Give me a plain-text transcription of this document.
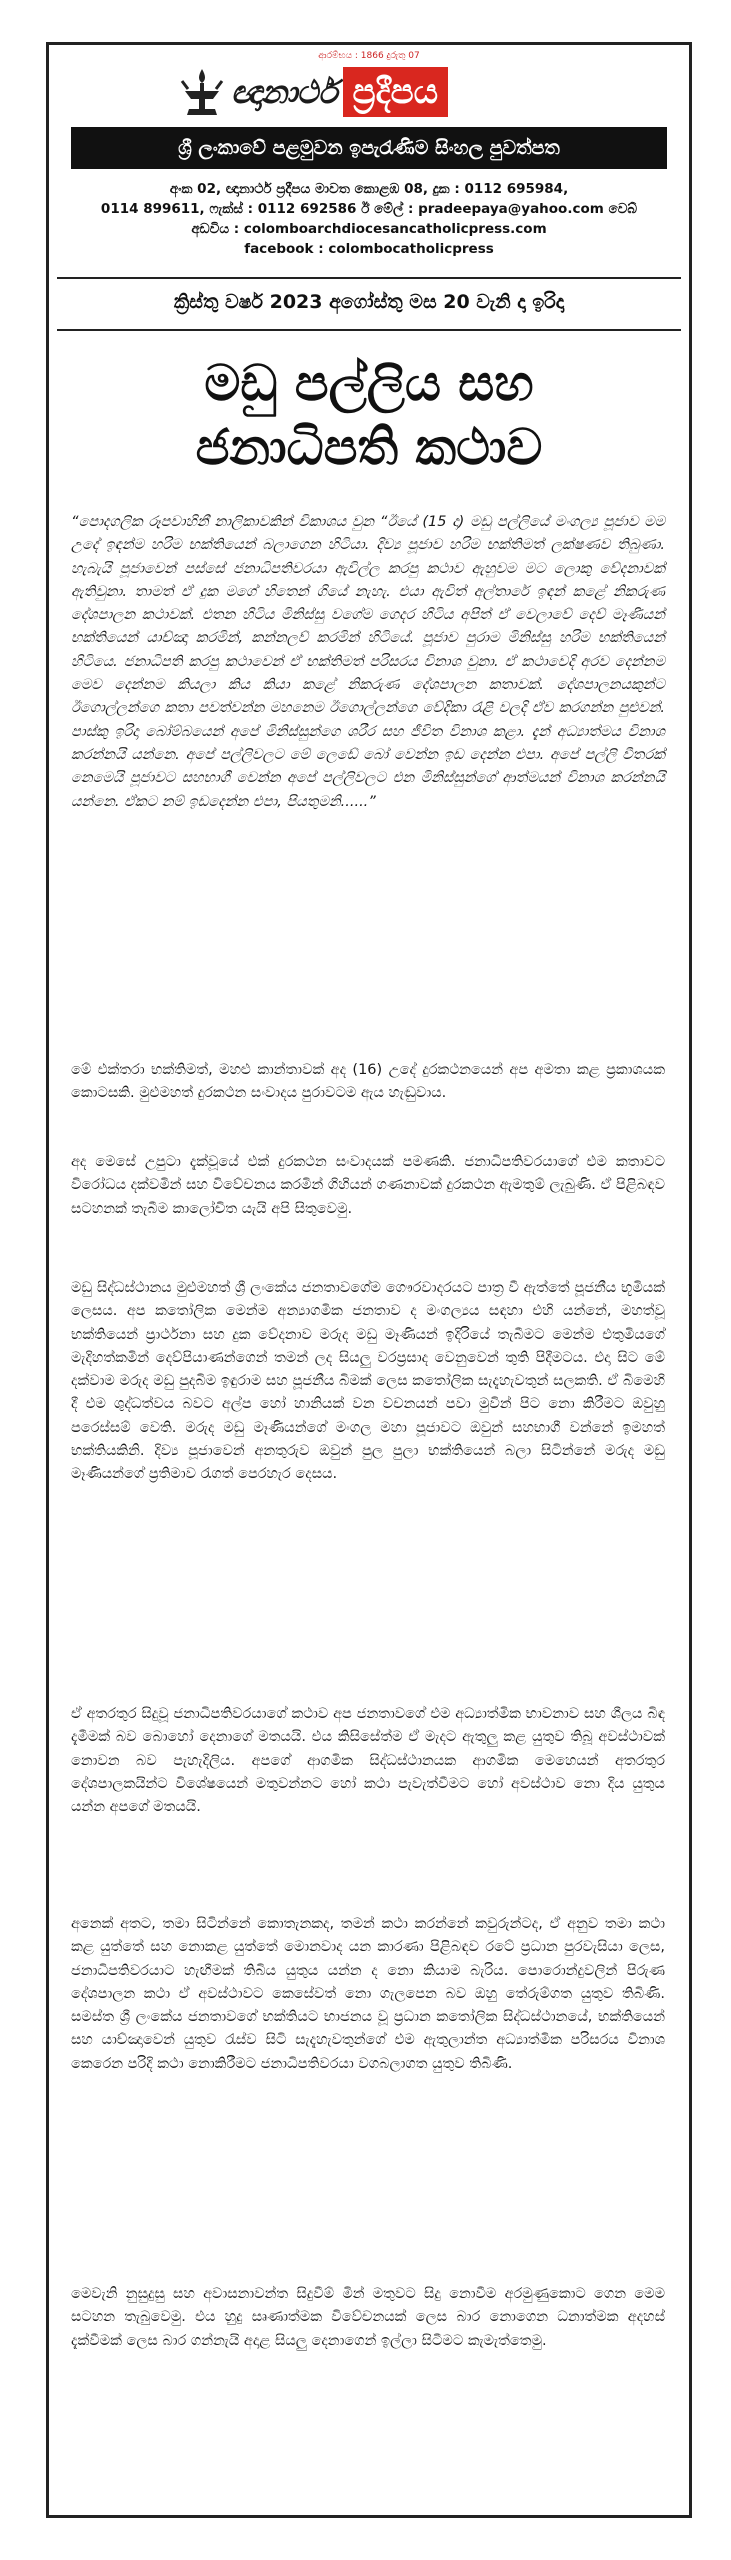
ආරම්භය : 1866 දුරුතු 07
ඥානාර්ථ ප්‍රදීපය
ශ්‍රී ලංකාවේ පළමුවන ඉපැරැණිම සිංහල පුවත්පත
අංක 02, ඥානාර්ථ ප්‍රදීපය මාවත කොළඹ 08, දුක : 0112 695984,
0114 899611, ෆැක්ස් : 0112 692586 ඊ මේල් : pradeepaya@yahoo.com වෙබ්
අඩවිය : colomboarchdiocesancatholicpress.com
facebook : colombocatholicpress
ක්‍රිස්තු වර්ෂ 2023 අගෝස්තු මස 20 වැනි දා ඉරිදා
මඩු පල්ලිය සහ
ජනාධිපති කථාව
“පොදගලික රූපවාහිනී නාලිකාවකින් විකාශය වුන “ඊයේ (15 දා) මඩු පල්ලියේ මංගල්‍ය පූජාව මම උදේ ඉඳන්ම හරිම භක්තියෙන් බලාගෙන හිටියා. දිව්‍ය පූජාව හරිම භක්තිමත් ලක්ෂණව තිබුණා. හැබැයි පූජාවෙන් පස්සේ ජනාධිපතිවරයා ඇවිල්ල කරපු කථාව ඇහුවම මට ලොකු වේදනාවක් ඇතිවුනා. තාමත් ඒ දුක මගේ හිතෙන් ගියේ නැහැ. එයා ඇවිත් අල්තාරේ ඉඳන් කළේ නිකරුණ දේශපාලන කථාවක්. එතන හිටිය මිනිස්සු වගේම ගෙදර හිටිය අපිත් ඒ වෙලාවේ දෙව් මෑණියන් භක්තියෙන් යාච්ඤා කරමින්, කන්නලව් කරමින් හිටියේ. පූජාව පුරාම මිනිස්සු හරිම භක්තියෙන් හිටියෙ. ජනාධිපති කරපු කථාවෙන් ඒ භක්තිමත් පරිසරය විනාශ වුනා. ඒ කථාවෙදි අරව දෙන්නම මෙව දෙන්නම කියලා කිය කියා කළේ නිකරුණ දේශපාලන කතාවක්. දේශපාලනයකුන්ට ඊගොල්ලන්ගෙ කතා පවත්වන්න මහනෙම ඊගොල්ලන්ගෙ වේදිකා රැළි වලදි ඒව කරගන්න පුළුවන්. පාස්කු ඉරිදා බෝම්බයෙන් අපේ මිනිස්සුන්ගෙ ශරීර සහ ජීවිත විනාශ කළා. දැන් අධ්‍යාත්මය විනාශ කරන්නයි යන්නෙ. අපේ පල්ලිවලට මේ ලෙඩේ බෝ වෙන්න ඉඩ දෙන්න එපා. අපේ පල්ලි වීතරක් නෙමෙයි පූජාවට සහභාගී වෙන්න අපේ පල්ලිවලට එන මිනිස්සුන්ගේ ආත්මයන් විනාශ කරන්නයි යන්නෙ. ඒකට නම් ඉඩදෙන්න එපා, පියතුමනි......”
මේ එක්තරා භක්තිමත්, මහළු කාන්තාවක් අද (16) උදේ දුරකථනයෙන් අප අමතා කළ ප්‍රකාශයක කොටසකි. මුළුමහත් දුරකථන සංවාදය පුරාවටම ඇය හැඬුවාය.
අද මෙසේ උපුටා දැක්වූයේ එක් දුරකථන සංවාදයක් පමණකි. ජනාධිපතිවරයාගේ එම කතාවට විරෝධය දක්වමින් සහ විවේචනය කරමින් ගිහියන් ගණනාවක් දුරකථන ඇමතුම් ලැබුණි. ඒ පිළිබඳව සටහනක් තැබීම කාලෝචිත යැයි අපි සිතුවෙමු.
මඩු සිද්ධස්ථානය මුළුමහත් ශ්‍රී ලංකේය ජනතාවගේම ගෞරවාදරයට පාත්‍ර වී ඇත්තේ පූජනීය භූමියක් ලෙසය. අප කතෝලික මෙන්ම අන්‍යාගමික ජනතාව ද මංගල්‍යය සඳහා එහි යන්නේ, මහත්වූ භක්තියෙන් ප්‍රාර්ථනා සහ දුක වේදනාව මරුද මඩු මෑණියන් ඉදිරියේ තැබීමට මෙන්ම එතුමියගේ මැදිහත්කමින් දෙව්පියාණන්ගෙන් තමන් ලද සියලු වරප්‍රසාද වෙනුවෙන් තුති පිදීමටය. එදා සිට මේ දක්වාම මරුද මඩු පුදබිම ඉඳුරාම සහ පූජනීය බිමක් ලෙස කතෝලික සැදැහැවතුන් සලකති. ඒ බිමෙහි දී එම ශුද්ධත්වය බවට අල්ප හෝ හානියක් වන වචනයන් පවා මුවින් පිට නො කිරීමට ඔවුහු පරෙස්සම් වෙති. මරුද මඩු මෑණියන්ගේ මංගල මහා පූජාවට ඔවුන් සහභාගී වන්නේ ඉමහත් භක්තියකිනි. දිව්‍ය පූජාවෙන් අනතුරුව ඔවුන් පුල පුලා භක්තියෙන් බලා සිටින්නේ මරුද මඩු මෑණියන්ගේ ප්‍රතිමාව රැගත් පෙරහැර දෙසය.
ඒ අතරතුර සිදුවූ ජනාධිපතිවරයාගේ කථාව අප ජනතාවගේ එම අධ්‍යාත්මික භාවනාව සහ ශීලය බිඳ දැමීමක් බව බොහෝ දෙනාගේ මතයයි. එය කිසිසේත්ම ඒ මැදට ඇතුලු කළ යුතුව තිබූ අවස්ථාවක් නොවන බව පැහැදිලිය. අපගේ ආගමික සිද්ධස්ථානයක ආගමික මෙහෙයන් අතරතුර දේශපාලකයින්ට විශේෂයෙන් මතුවන්නට හෝ කථා පැවැත්වීමට හෝ අවස්ථාව නො දිය යුතුය යන්න අපගේ මතයයි.
අනෙක් අතට, තමා සිටින්නේ කොතැනකද, තමන් කථා කරන්නේ කවුරුන්ටද, ඒ අනුව තමා කථා කළ යුත්තේ සහ නොකළ යුත්තේ මොනවාද යන කාරණා පිළිබඳව රටේ ප්‍රධාන පුරවැසියා ලෙස, ජනාධිපතිවරයාට හැඟීමක් තිබිය යුතුය යන්න ද නො කියාම බැරිය. පොරොන්දුවලින් පිරුණ දේශපාලන කථා ඒ අවස්ථාවට කෙසේවත් නො ගැලපෙන බව ඔහු තේරුම්ගත යුතුව තිබිණි. සමස්ත ශ්‍රී ලංකේය ජනතාවගේ භක්තියට භාජනය වූ ප්‍රධාන කතෝලික සිද්ධස්ථානයේ, භක්තියෙන් සහ යාච්ඤාවෙන් යුතුව රැස්ව සිටි සැදැහැවතුන්ගේ එම ඇතුලාන්ත අධ්‍යාත්මික පරිසරය විනාශ කෙරෙන පරිදි කථා නොකිරීමට ජනාධිපතිවරයා වගබලාගත යුතුව තිබිණි.
මෙවැනි නුසුදුසු සහ අවාසනාවන්ත සිදුවීම් මින් මතුවට සිදු නොවීම අරමුණුකොට ගෙන මෙම සටහන තැබුවෙමු. එය හුදු සෘණාත්මක විවේචනයක් ලෙස බාර නොගෙන ධනාත්මක අදහස් දැක්වීමක් ලෙස බාර ගන්නැයි අදාළ සියලු දෙනාගෙන් ඉල්ලා සිටීමට කැමැත්තෙමු.
